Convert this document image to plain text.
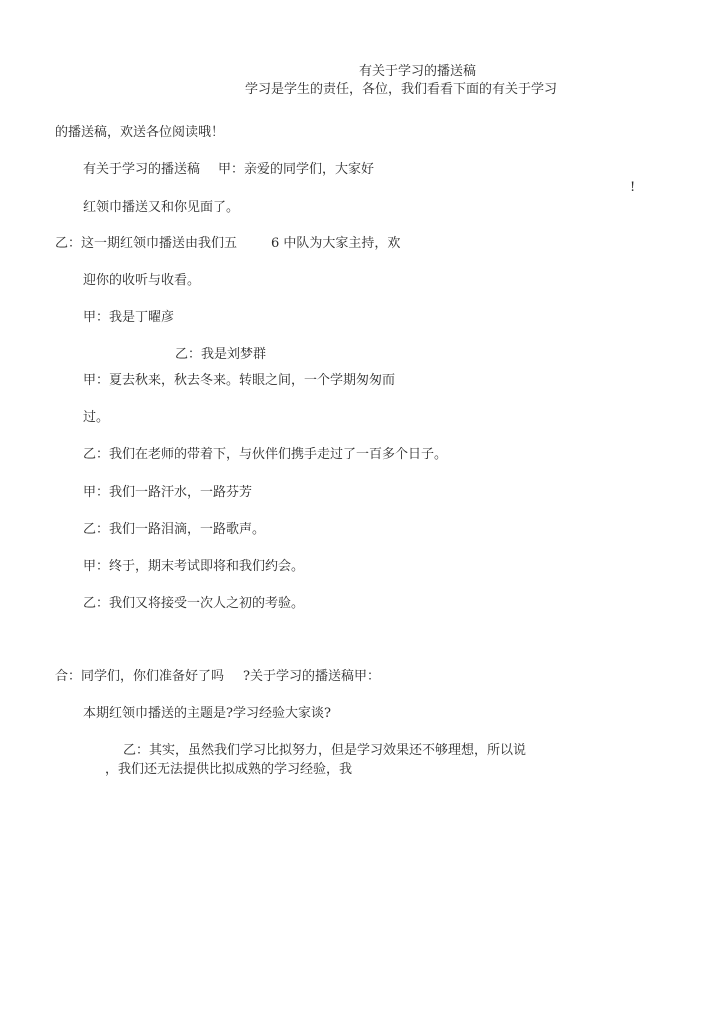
有关于学习的播送稿
学习是学生的责任，各位，我们看看下面的有关于学习
的播送稿，欢送各位阅读哦！
有关于学习的播送稿 甲：亲爱的同学们，大家好
!
红领巾播送又和你见面了。
乙：这一期红领巾播送由我们五	6 中队为大家主持，欢
迎你的收听与收看。
甲：我是丁曜彦
乙：我是刘梦群
甲：夏去秋来，秋去冬来。转眼之间，一个学期匆匆而
过。
乙：我们在老师的带着下，与伙伴们携手走过了一百多个日子。
甲：我们一路汗水，一路芬芳
乙：我们一路泪滴，一路歌声。
甲：终于，期末考试即将和我们约会。
乙：我们又将接受一次人之初的考验。
合：同学们，你们准备好了吗 ?关于学习的播送稿甲：
本期红领巾播送的主题是?学习经验大家谈?
乙：其实，虽然我们学习比拟努力，但是学习效果还不够理想，所以说
，我们还无法提供比拟成熟的学习经验，我
